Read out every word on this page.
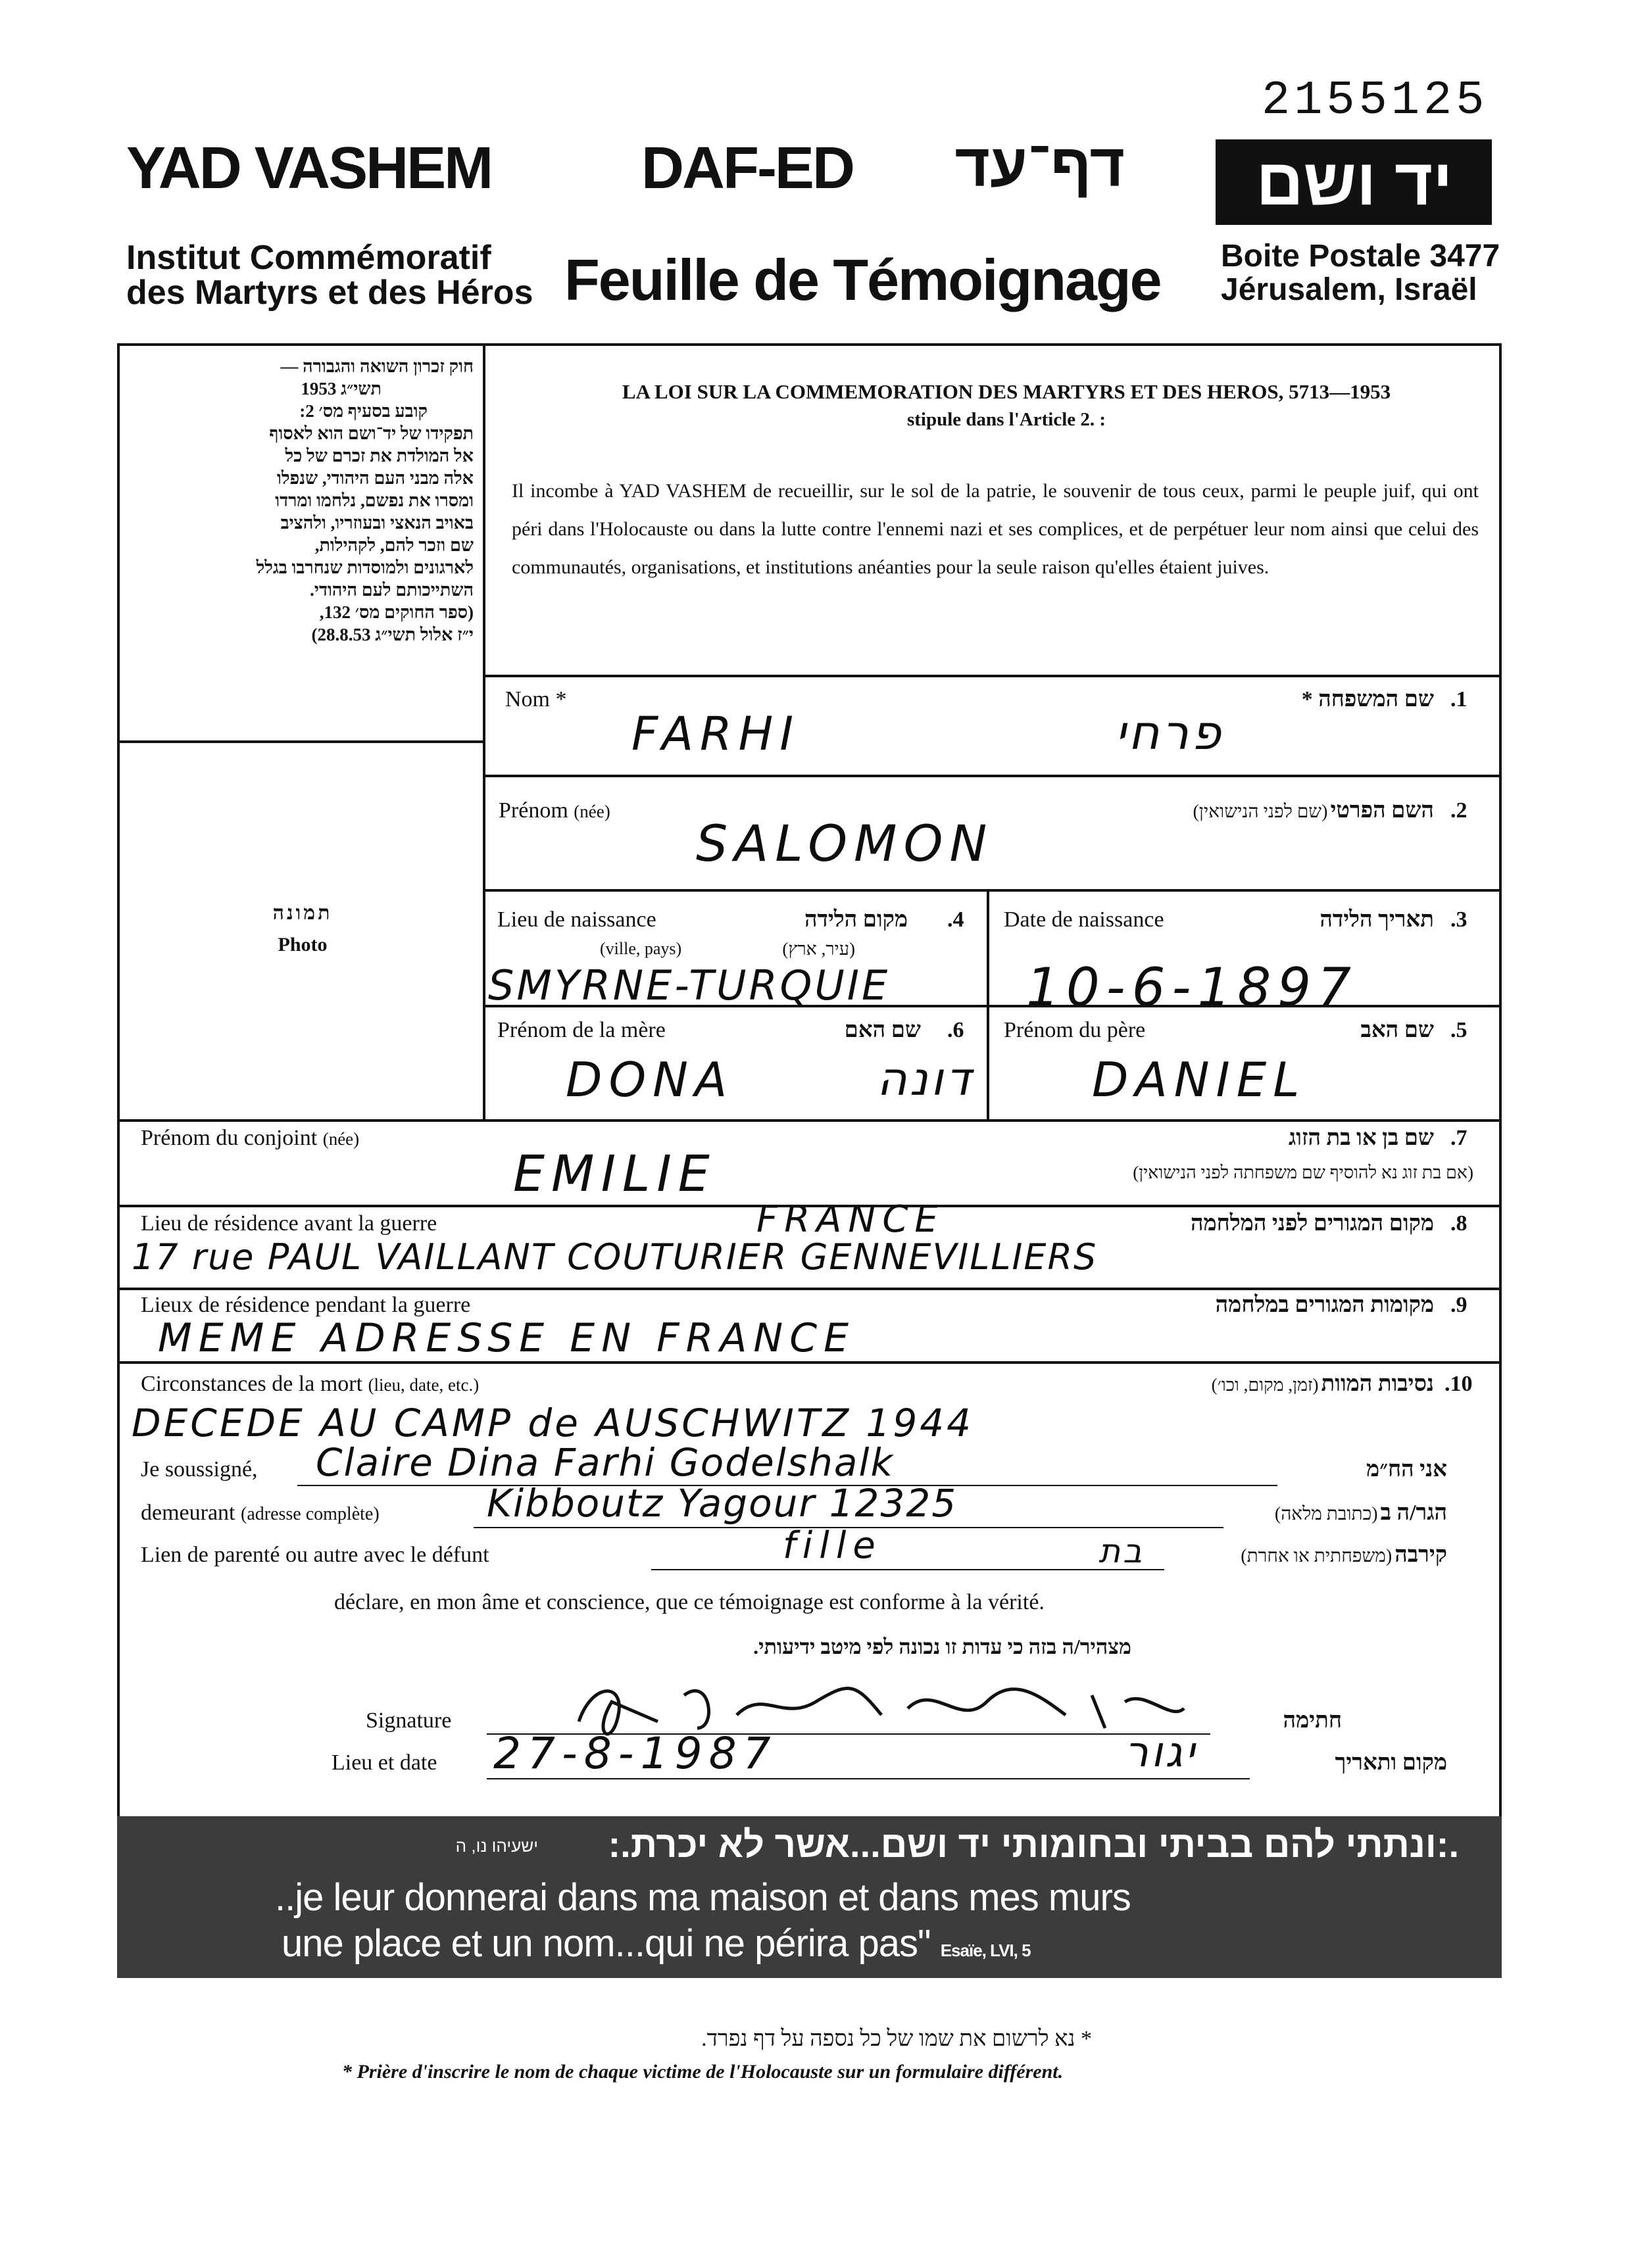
2155125
YAD VASHEM	DAF-ED	דף־עד	יד ושם
Institut Commémoratif
des Martyrs et des Héros Feuille de Témoignage Boite Postale 3477
Jérusalem, Israël
חוק זכרון השואה והגבורה —
תשי״ג 1953
קובע בסעיף מס׳ 2:
תפקידו של יד־ושם הוא לאסוף
אל המולדת את זכרם של כל
אלה מבני העם היהודי, שנפלו
ומסרו את נפשם, נלחמו ומרדו
באויב הנאצי ובעוזריו, ולהציב
שם וזכר להם, לקהילות,
לארגונים ולמוסדות שנחרבו בגלל
השתייכותם לעם היהודי.
(ספר החוקים מס׳ 132,
י״ז אלול תשי״ג 28.8.53)
LA LOI SUR LA COMMEMORATION DES MARTYRS ET DES HEROS, 5713—1953
stipule dans l'Article 2. :
Il incombe à YAD VASHEM de recueillir, sur le sol de la patrie, le souvenir de tous ceux, parmi le peuple juif, qui ont péri dans l'Holocauste ou dans la lutte contre l'ennemi nazi et ses complices, et de perpétuer leur nom ainsi que celui des communautés, organisations, et institutions anéanties pour la seule raison qu'elles étaient juives.
תמונה
Photo
Nom *	שם המשפחה * .1
FARHI	פרחי
Prénom (née)	השם הפרטי (שם לפני הנישואין)	.2
SALOMON
Lieu de naissance	מקום הלידה .4
(ville, pays)	(עיר, ארץ)
SMYRNE-TURQUIE
Date de naissance	תאריך הלידה .3
10-6-1897
Prénom de la mère	שם האם .6
DONA	דונה
Prénom du père	שם האב .5
DANIEL
Prénom du conjoint (née)	שם בן או בת הזוג .7
(אם בת זוג נא להוסיף שם משפחתה לפני הנישואין)
EMILIE
Lieu de résidence avant la guerre	מקום המגורים לפני המלחמה .8
FRANCE
17 rue PAUL VAILLANT COUTURIER GENNEVILLIERS
Lieux de résidence pendant la guerre	מקומות המגורים במלחמה .9
MEME ADRESSE EN FRANCE
Circonstances de la mort (lieu, date, etc.)	נסיבות המוות (זמן, מקום, וכו׳)	.10
DECEDE AU CAMP de AUSCHWITZ 1944
Je soussigné,	אני הח״מ
Claire Dina Farhi Godelshalk
demeurant (adresse complète)	הגר/ה ב (כתובת מלאה)
Kibboutz Yagour 12325
Lien de parenté ou autre avec le défunt	קירבה (משפחתית או אחרת)
fille	בת
déclare, en mon âme et conscience, que ce témoignage est conforme à la vérité.
מצהיר/ה בזה כי עדות זו נכונה לפי מיטב ידיעותי.
Signature	חתימה
Lieu et date	מקום ותאריך
27-8-1987	יגור
.:ונתתי להם בביתי ובחומותי יד ושם...אשר לא יכרת.:
ישעיהו נו, ה
..je leur donnerai dans ma maison et dans mes murs
une place et un nom...qui ne périra pas" Esaïe, LVI, 5
* נא לרשום את שמו של כל נספה על דף נפרד.
* Prière d'inscrire le nom de chaque victime de l'Holocauste sur un formulaire différent.
